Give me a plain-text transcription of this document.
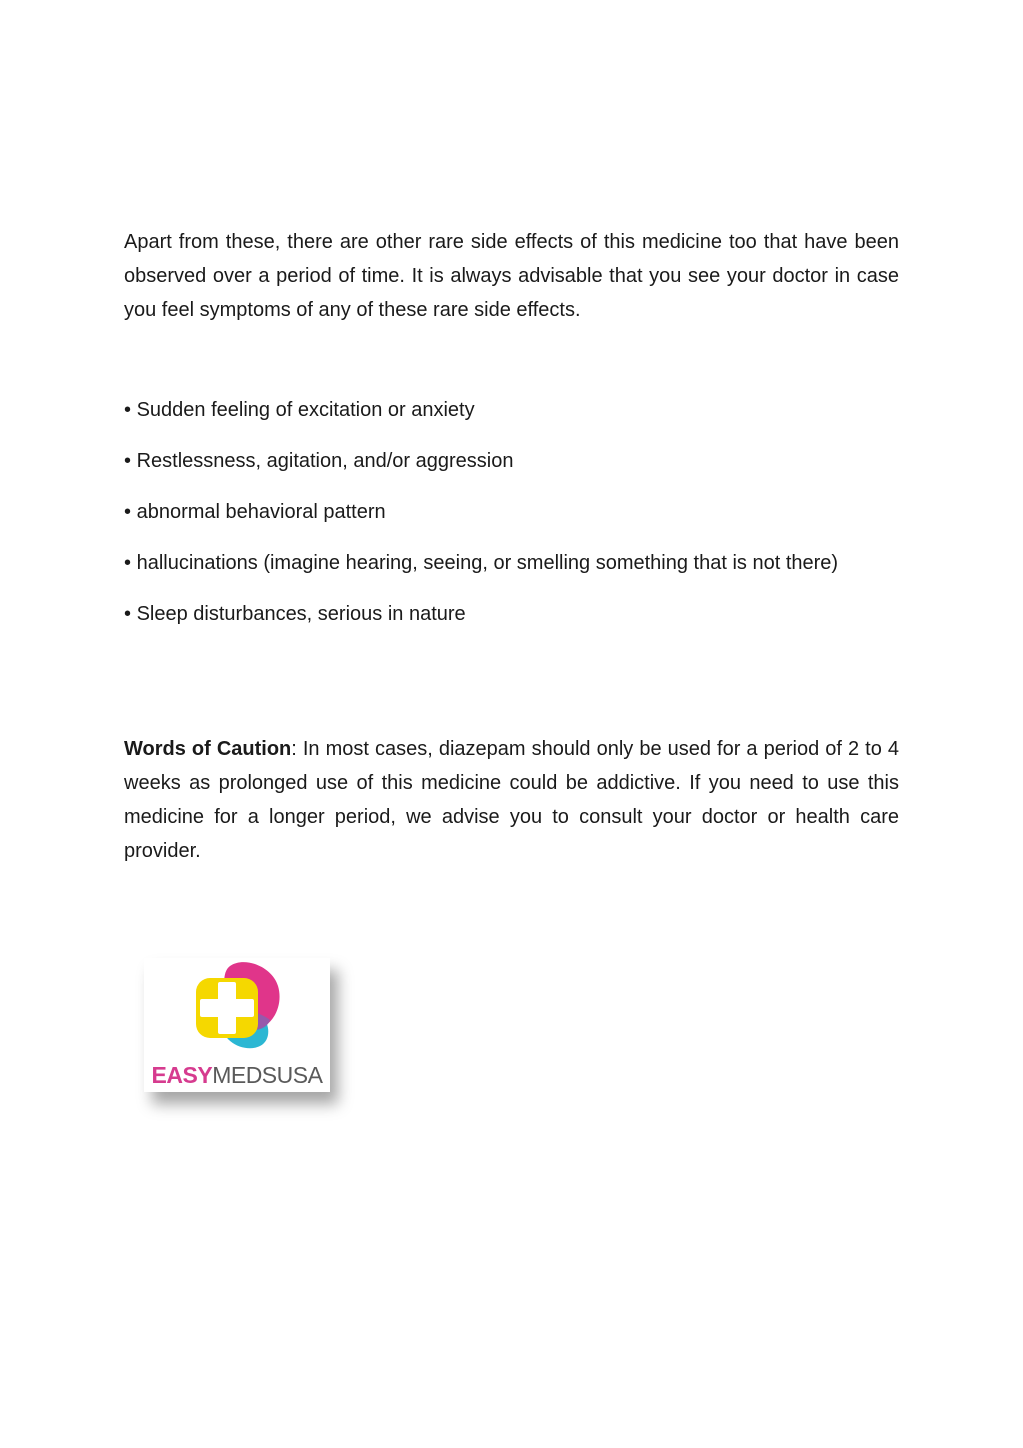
Apart from these, there are other rare side effects of this medicine too that have been observed over a period of time. It is always advisable that you see your doctor in case you feel symptoms of any of these rare side effects.

• Sudden feeling of excitation or anxiety
• Restlessness, agitation, and/or aggression
• abnormal behavioral pattern
• hallucinations (imagine hearing, seeing, or smelling something that is not there)
• Sleep disturbances, serious in nature

Words of Caution: In most cases, diazepam should only be used for a period of 2 to 4 weeks as prolonged use of this medicine could be addictive. If you need to use this medicine for a longer period, we advise you to consult your doctor or health care provider.

EASYMEDSUSA
